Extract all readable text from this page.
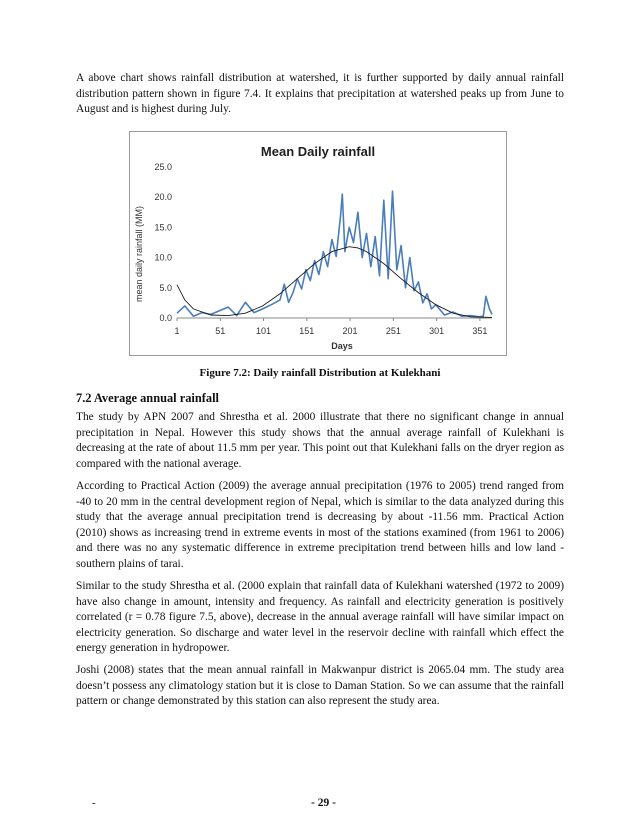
A above chart shows rainfall distribution at watershed, it is further supported by daily annual rainfall distribution pattern shown in figure 7.4. It explains that precipitation at watershed peaks up from June to August and is highest during July.

Mean Daily rainfall
mean daily rainfall (MM)
Days
0.0
5.0
10.0
15.0
20.0
25.0
1	51	101	151	201	251	301	351

Figure 7.2: Daily rainfall Distribution at Kulekhani

7.2 Average annual rainfall

The study by APN 2007 and Shrestha et al. 2000 illustrate that there no significant change in annual precipitation in Nepal. However this study shows that the annual average rainfall of Kulekhani is decreasing at the rate of about 11.5 mm per year. This point out that Kulekhani falls on the dryer region as compared with the national average.

According to Practical Action (2009) the average annual precipitation (1976 to 2005) trend ranged from -40 to 20 mm in the central development region of Nepal, which is similar to the data analyzed during this study that the average annual precipitation trend is decreasing by about -11.56 mm. Practical Action (2010) shows as increasing trend in extreme events in most of the stations examined (from 1961 to 2006) and there was no any systematic difference in extreme precipitation trend between hills and low land - southern plains of tarai.

Similar to the study Shrestha et al. (2000 explain that rainfall data of Kulekhani watershed (1972 to 2009) have also change in amount, intensity and frequency. As rainfall and electricity generation is positively correlated (r = 0.78 figure 7.5, above), decrease in the annual average rainfall will have similar impact on electricity generation. So discharge and water level in the reservoir decline with rainfall which effect the energy generation in hydropower.

Joshi (2008) states that the mean annual rainfall in Makwanpur district is 2065.04 mm. The study area doesn’t possess any climatology station but it is close to Daman Station. So we can assume that the rainfall pattern or change demonstrated by this station can also represent the study area.

-	- 29 -
